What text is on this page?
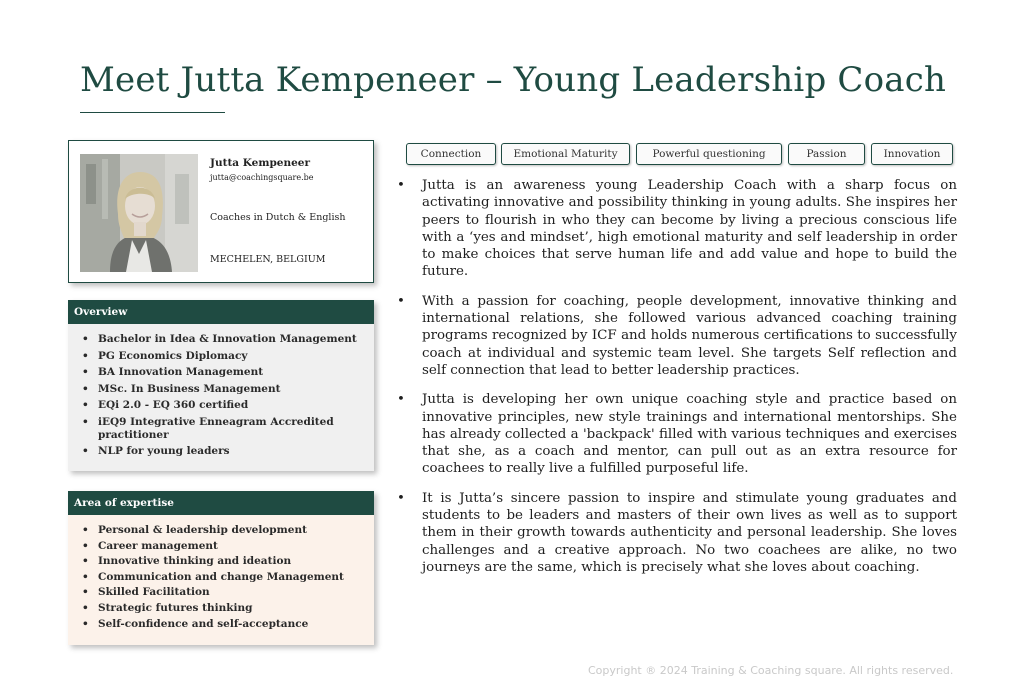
Meet Jutta Kempeneer – Young Leadership Coach
Jutta Kempeneer
jutta@coachingsquare.be
Coaches in Dutch & English
MECHELEN, BELGIUM
Overview
• Bachelor in Idea & Innovation Management
• PG Economics Diplomacy
• BA Innovation Management
• MSc. In Business Management
• EQi 2.0 - EQ 360 certified
• iEQ9 Integrative Enneagram Accredited practitioner
• NLP for young leaders
Area of expertise
• Personal & leadership development
• Career management
• Innovative thinking and ideation
• Communication and change Management
• Skilled Facilitation
• Strategic futures thinking
• Self-confidence and self-acceptance
Connection	Emotional Maturity	Powerful questioning	Passion	Innovation
• Jutta is an awareness young Leadership Coach with a sharp focus on activating innovative and possibility thinking in young adults. She inspires her peers to flourish in who they can become by living a precious conscious life with a ‘yes and mindset’, high emotional maturity and self leadership in order to make choices that serve human life and add value and hope to build the future.
• With a passion for coaching, people development, innovative thinking and international relations, she followed various advanced coaching training programs recognized by ICF and holds numerous certifications to successfully coach at individual and systemic team level. She targets Self reflection and self connection that lead to better leadership practices.
• Jutta is developing her own unique coaching style and practice based on innovative principles, new style trainings and international mentorships. She has already collected a 'backpack' filled with various techniques and exercises that she, as a coach and mentor, can pull out as an extra resource for coachees to really live a fulfilled purposeful life.
• It is Jutta’s sincere passion to inspire and stimulate young graduates and students to be leaders and masters of their own lives as well as to support them in their growth towards authenticity and personal leadership. She loves challenges and a creative approach. No two coachees are alike, no two journeys are the same, which is precisely what she loves about coaching.
Copyright ® 2024 Training & Coaching square. All rights reserved.
